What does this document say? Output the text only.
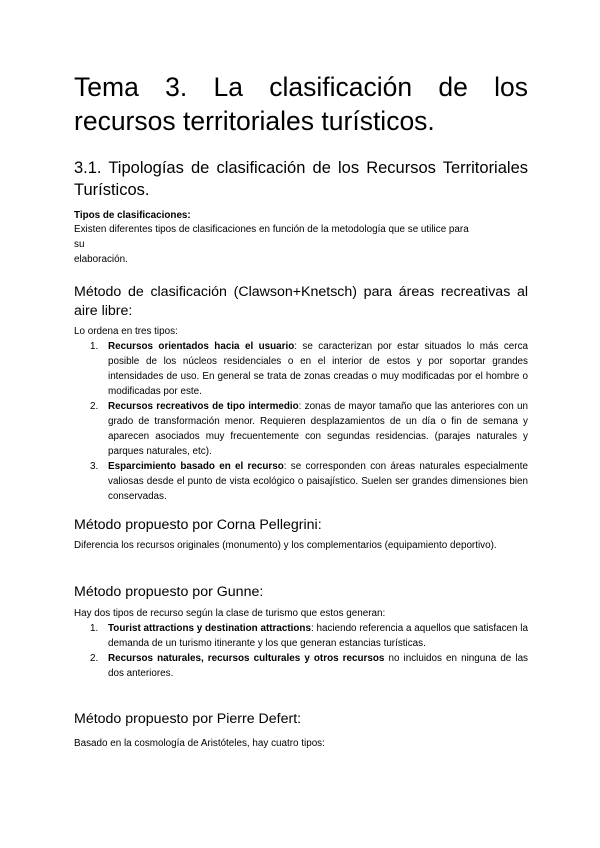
Tema 3. La clasificación de los recursos territoriales turísticos.
3.1. Tipologías de clasificación de los Recursos Territoriales Turísticos.

Tipos de clasificaciones:

Existen diferentes tipos de clasificaciones en función de la metodología que se utilice para

su

elaboración.

Método de clasificación (Clawson+Knetsch) para áreas recreativas al aire libre:

Lo ordena en tres tipos:

1. Recursos orientados hacia el usuario: se caracterizan por estar situados lo más cerca posible de los núcleos residenciales o en el interior de estos y por soportar grandes intensidades de uso. En general se trata de zonas creadas o muy modificadas por el hombre o modificadas por este.
2. Recursos recreativos de tipo intermedio: zonas de mayor tamaño que las anteriores con un grado de transformación menor. Requieren desplazamientos de un día o fin de semana y aparecen asociados muy frecuentemente con segundas residencias. (parajes naturales y parques naturales, etc).
3. Esparcimiento basado en el recurso: se corresponden con áreas naturales especialmente valiosas desde el punto de vista ecológico o paisajístico. Suelen ser grandes dimensiones bien conservadas.
Método propuesto por Corna Pellegrini:

Diferencia los recursos originales (monumento) y los complementarios (equipamiento deportivo).

Método propuesto por Gunne:

Hay dos tipos de recurso según la clase de turismo que estos generan:

1. Tourist attractions y destination attractions: haciendo referencia a aquellos que satisfacen la demanda de un turismo itinerante y los que generan estancias turísticas.
2. Recursos naturales, recursos culturales y otros recursos no incluidos en ninguna de las dos anteriores.
Método propuesto por Pierre Defert:

Basado en la cosmología de Aristóteles, hay cuatro tipos:
